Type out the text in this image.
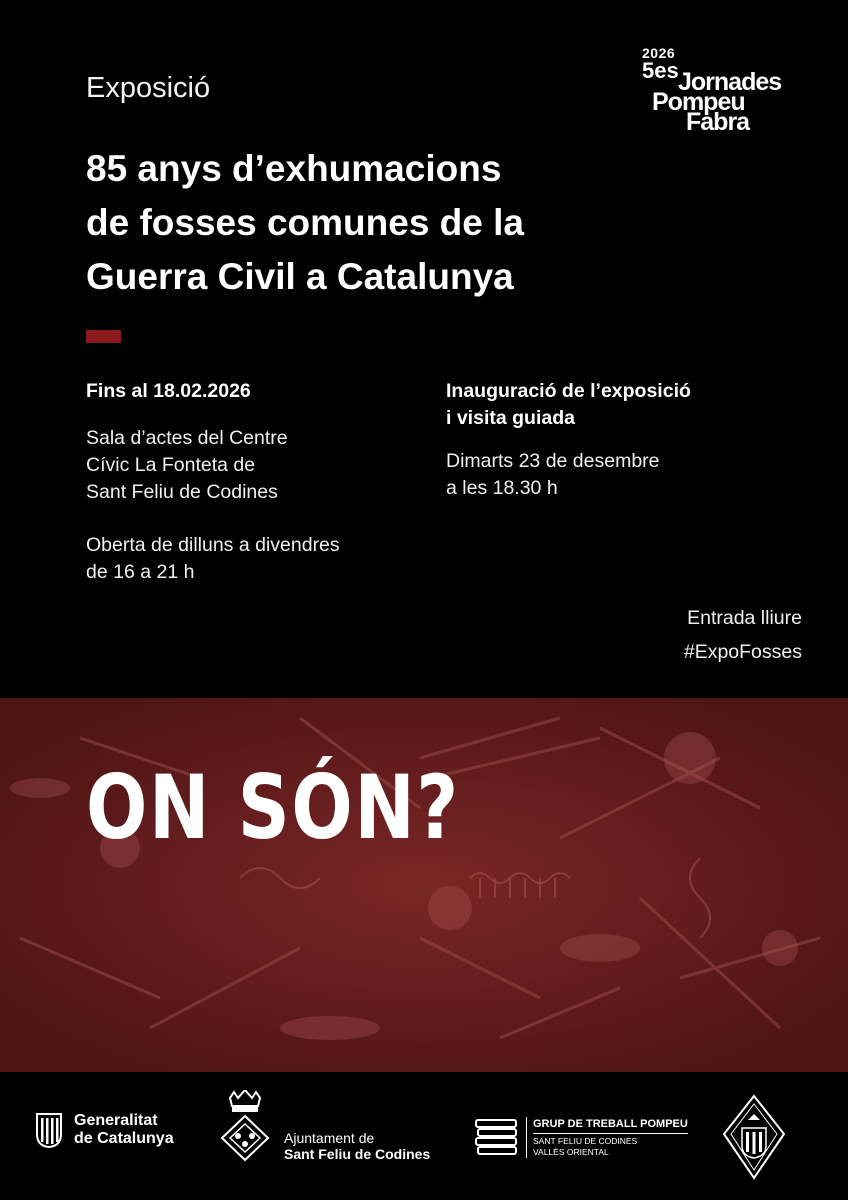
Exposició
85 anys d’exhumacions
de fosses comunes de la
Guerra Civil a Catalunya
2026
5es Jornades
Pompeu
Fabra
Fins al 18.02.2026
Sala d’actes del Centre
Cívic La Fonteta de
Sant Feliu de Codines
Oberta de dilluns a divendres
de 16 a 21 h
Inauguració de l’exposició
i visita guiada
Dimarts 23 de desembre
a les 18.30 h
Entrada lliure
#ExpoFosses
ON SÓN?
Generalitat
de Catalunya	Ajuntament de
Sant Feliu de Codines
GRUP DE TREBALL POMPEU
SANT FELIU DE CODINES
VALLÈS ORIENTAL
